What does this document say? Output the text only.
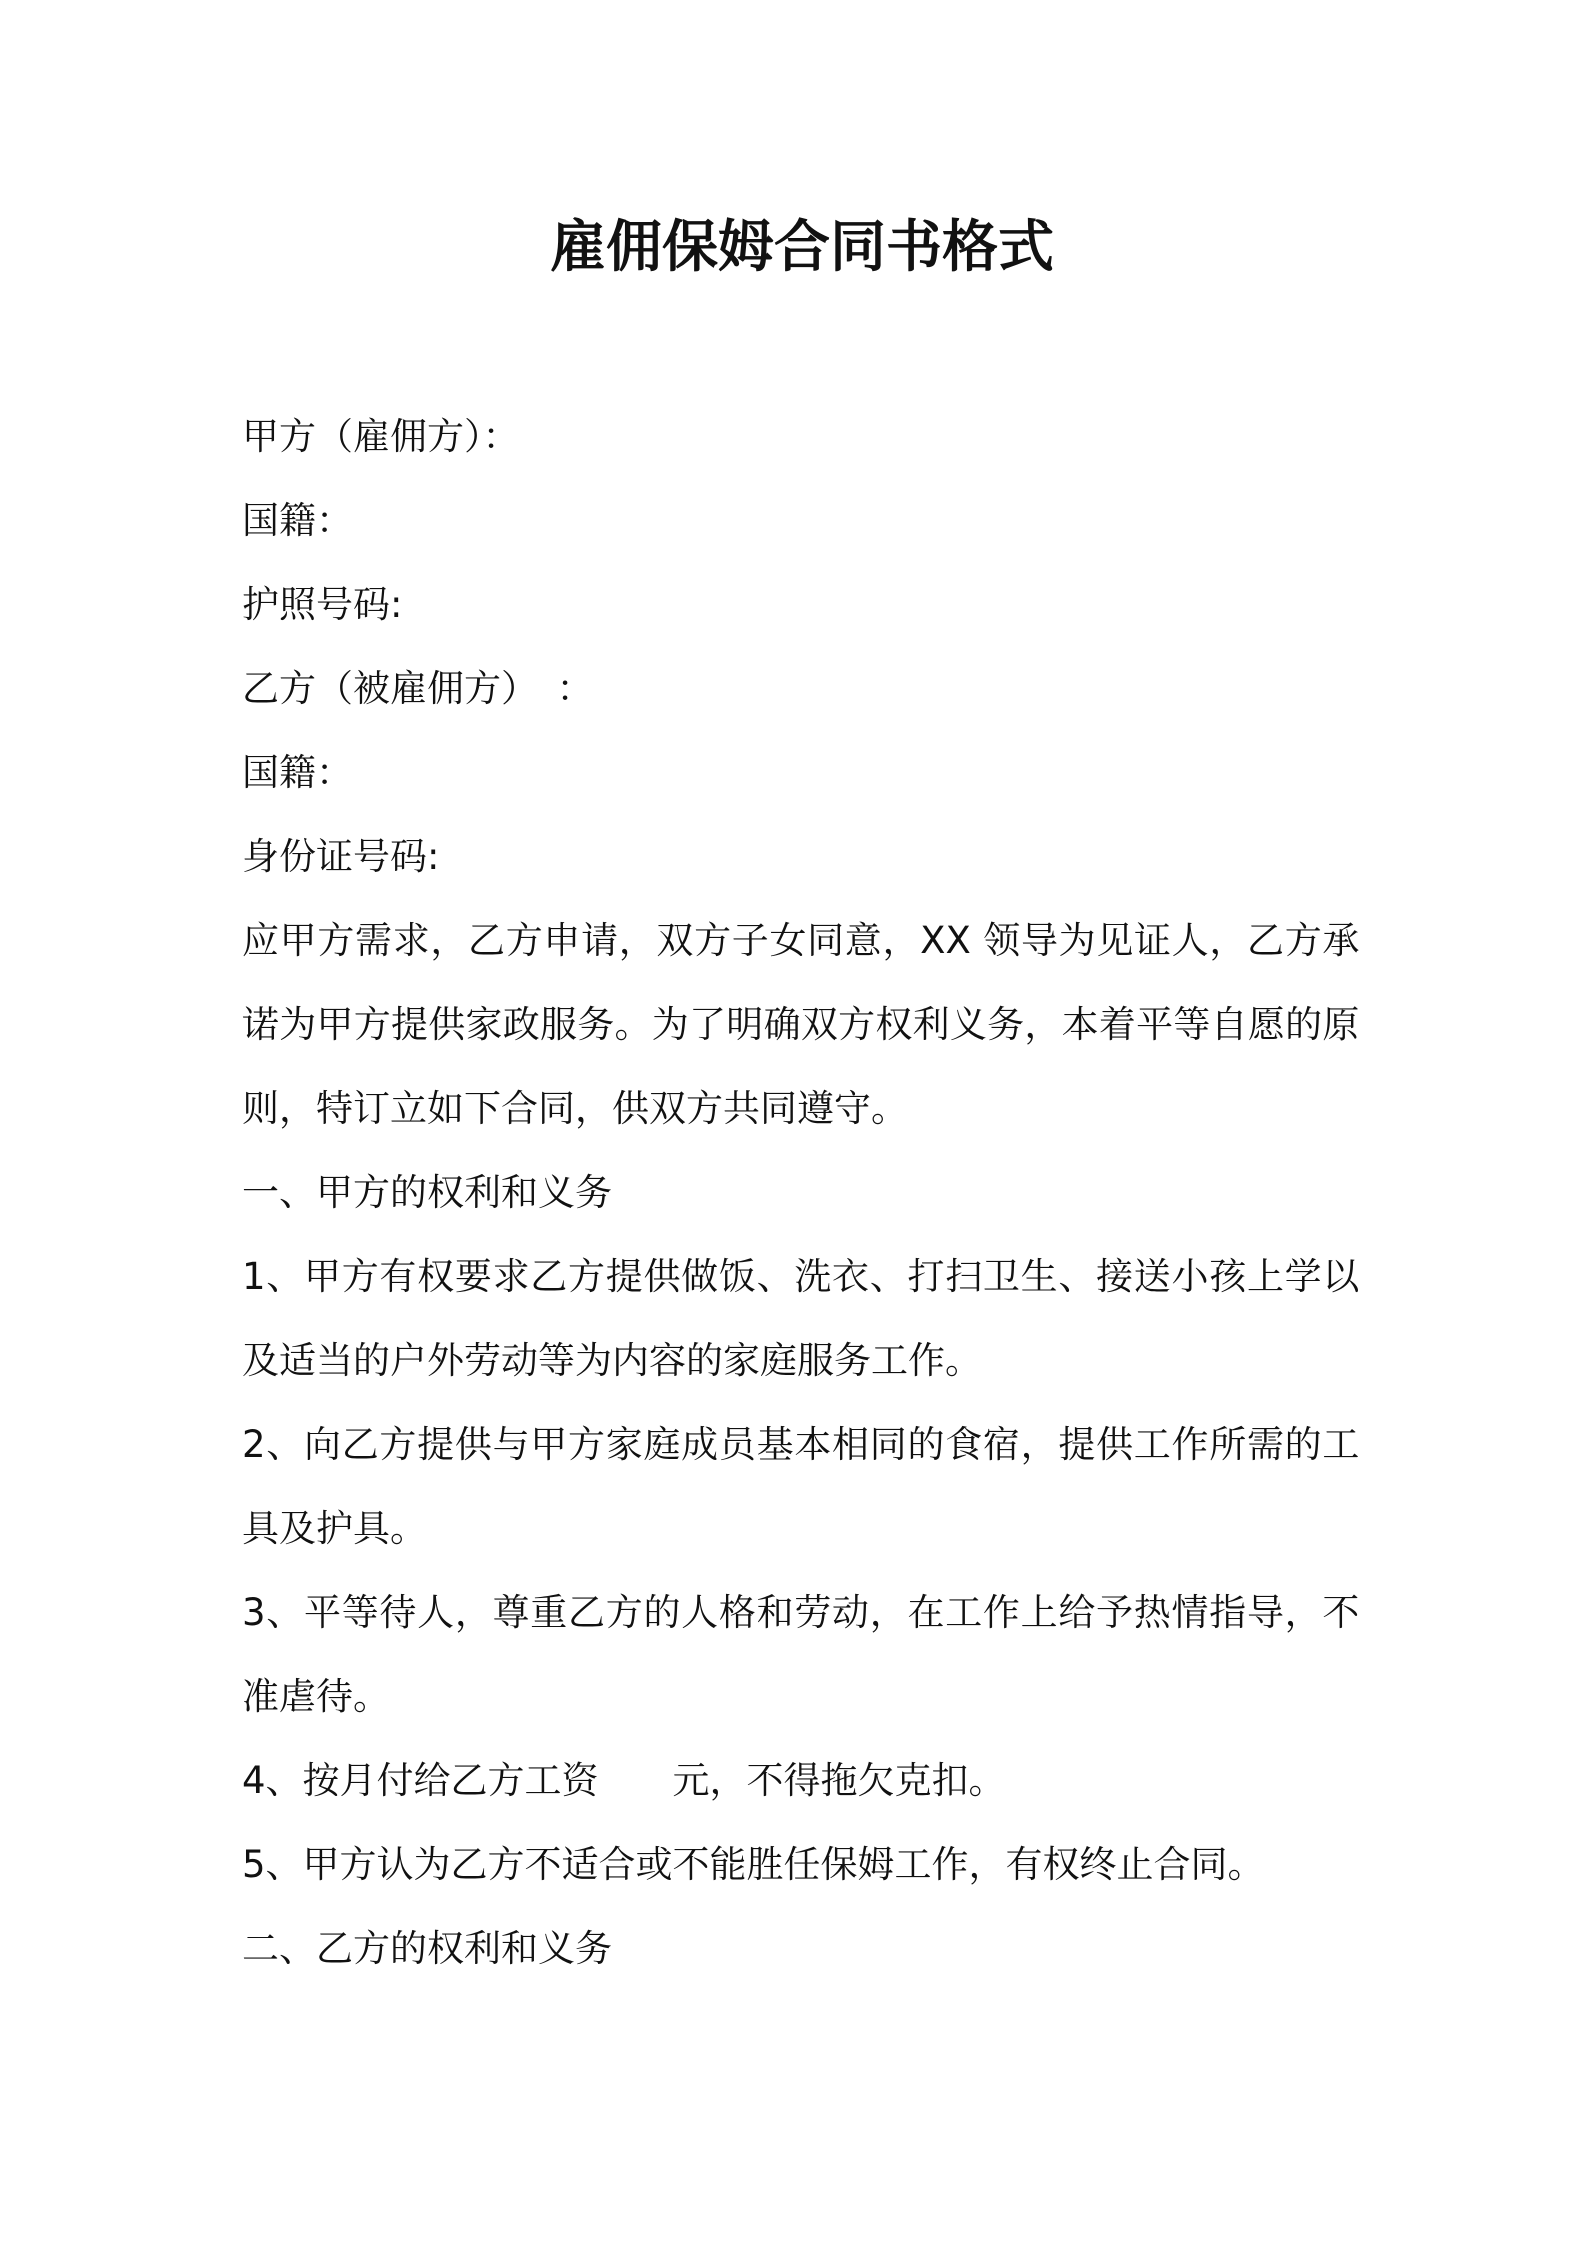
雇佣保姆合同书格式

甲方（雇佣方）：

国籍：

护照号码:

乙方（被雇佣方）　：

国籍：

身份证号码:

应甲方需求，乙方申请，双方子女同意，XX 领导为见证人，乙方承诺为甲方提供家政服务。为了明确双方权利义务，本着平等自愿的原则，特订立如下合同，供双方共同遵守。

一、甲方的权利和义务

1、甲方有权要求乙方提供做饭、洗衣、打扫卫生、接送小孩上学以及适当的户外劳动等为内容的家庭服务工作。

2、向乙方提供与甲方家庭成员基本相同的食宿，提供工作所需的工具及护具。

3、平等待人，尊重乙方的人格和劳动，在工作上给予热情指导，不准虐待。

4、按月付给乙方工资　　元，不得拖欠克扣。

5、甲方认为乙方不适合或不能胜任保姆工作，有权终止合同。

二、乙方的权利和义务
